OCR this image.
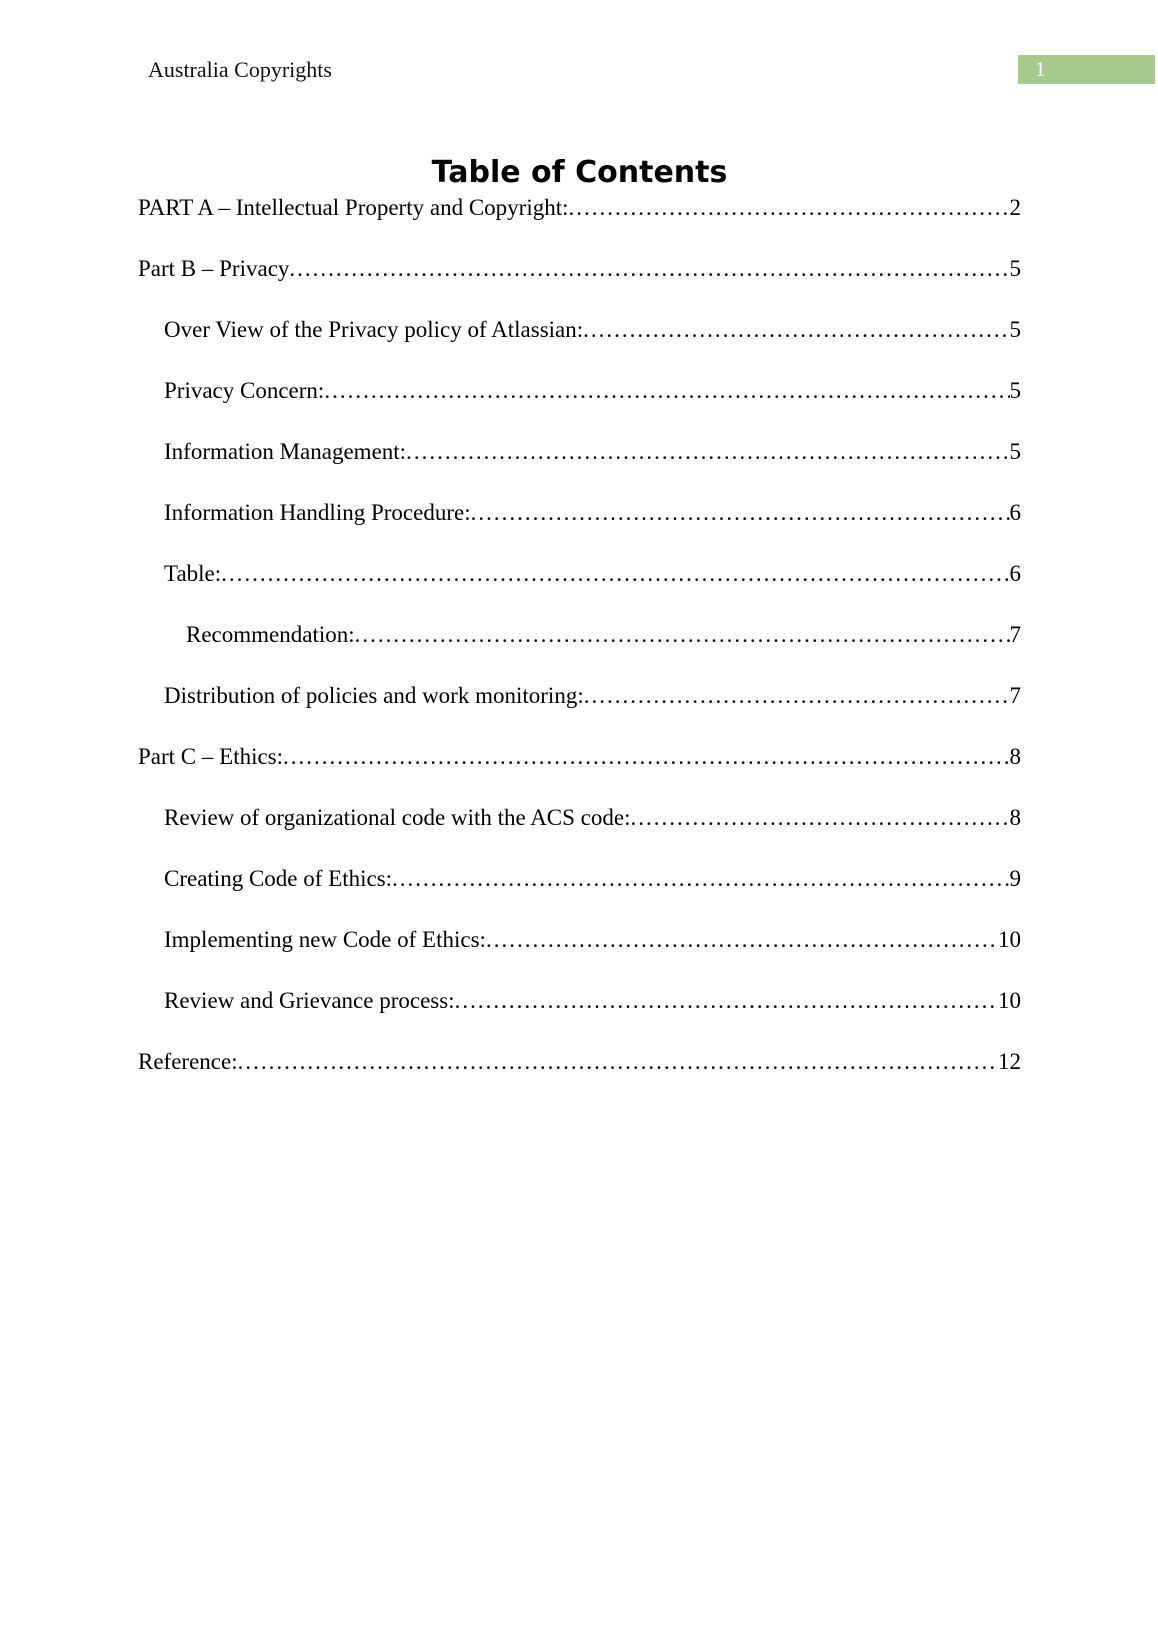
Australia Copyrights	1
Table of Contents
PART A – Intellectual Property and Copyright: .....	2
Part B – Privacy .....	5
Over View of the Privacy policy of Atlassian: .....	5
Privacy Concern: .....	5
Information Management: .....	5
Information Handling Procedure: .....	6
Table: .....	6
Recommendation: .....	7
Distribution of policies and work monitoring: .....	7
Part C – Ethics: .....	8
Review of organizational code with the ACS code: .....	8
Creating Code of Ethics: .....	9
Implementing new Code of Ethics: .....	10
Review and Grievance process: .....	10
Reference: .....	12
